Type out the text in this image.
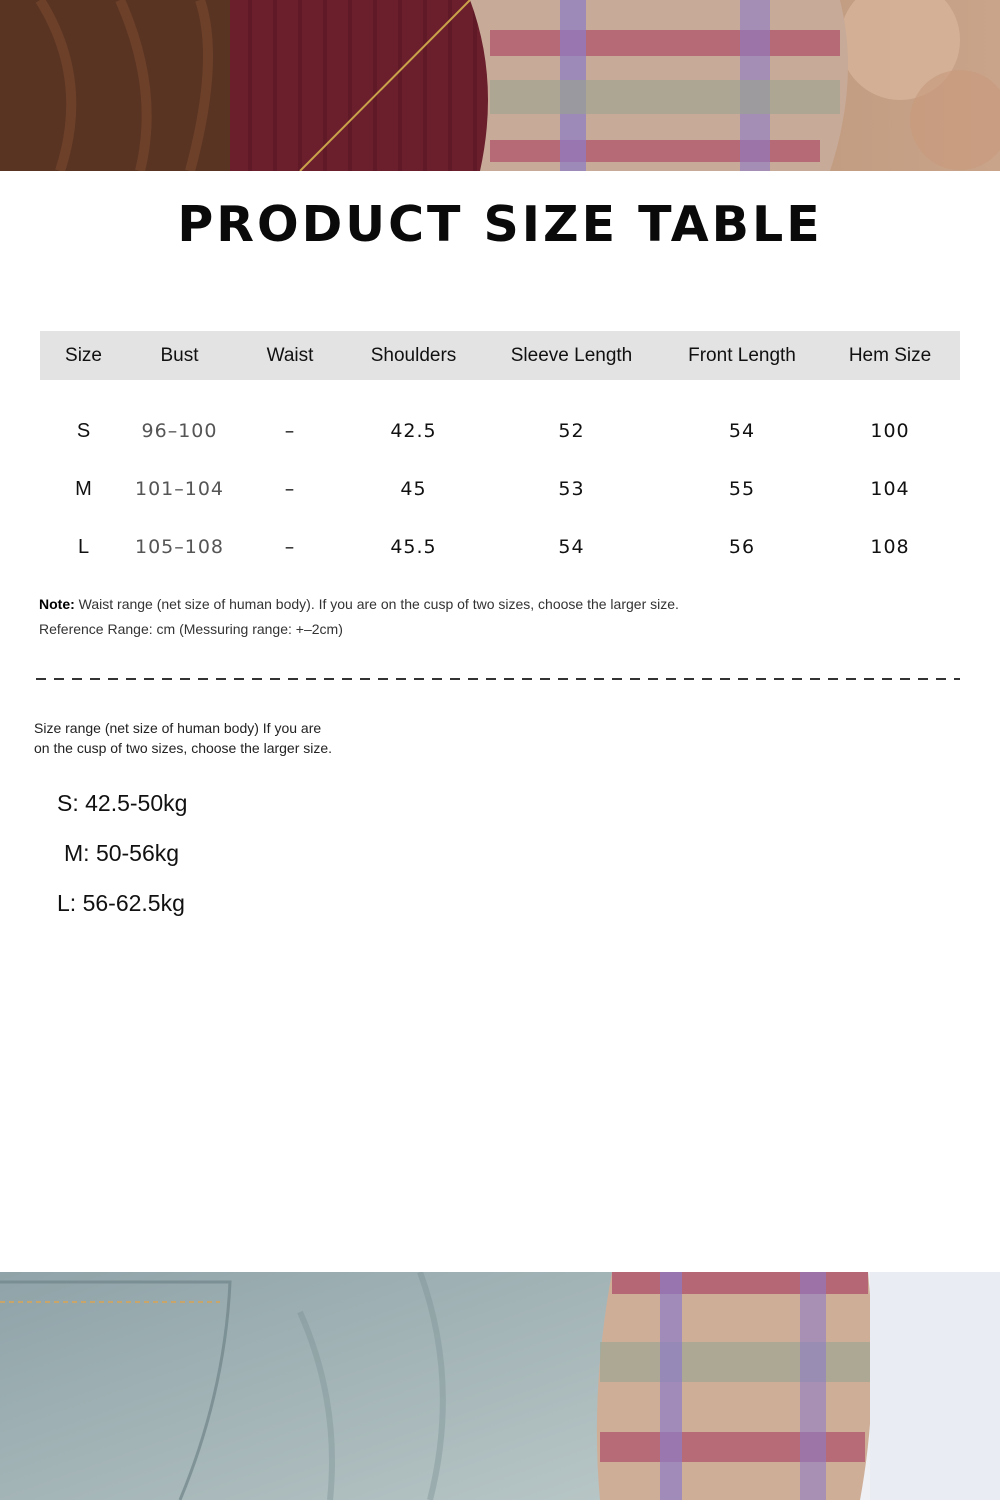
PRODUCT SIZE TABLE
Size	Bust	Waist	Shoulders	Sleeve Length	Front Length	Hem Size

S	96–100	–	42.5	52	54	100
M	101–104	–	45	53	55	104
L	105–108	–	45.5	54	56	108

Note: Waist range (net size of human body). If you are on the cusp of two sizes, choose the larger size.

Reference Range: cm (Messuring range: +–2cm)

Size range (net size of human body) If you are
on the cusp of two sizes, choose the larger size.

S: 42.5-50kg

M: 50-56kg

L: 56-62.5kg
